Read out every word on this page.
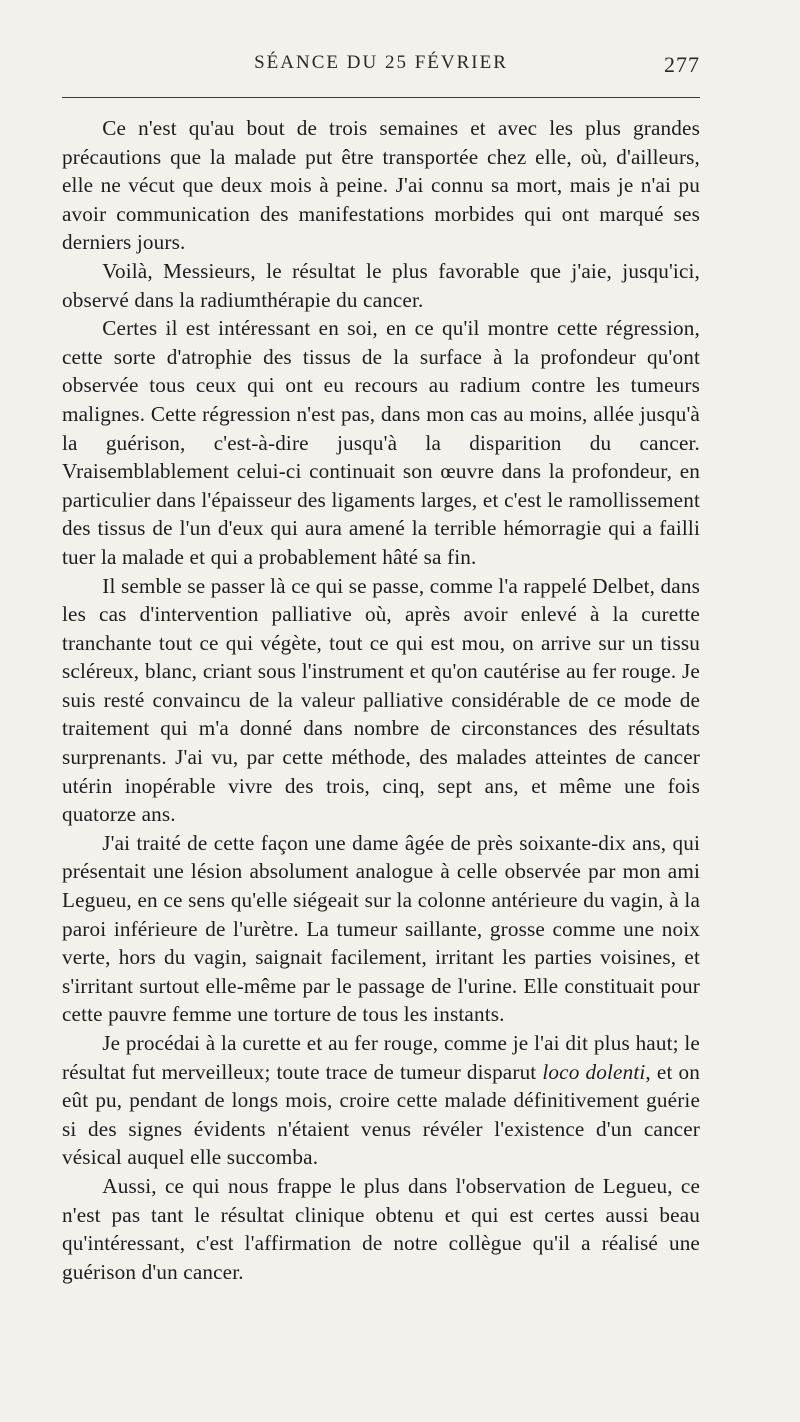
SÉANCE DU 25 FÉVRIER	277

Ce n'est qu'au bout de trois semaines et avec les plus grandes précautions que la malade put être transportée chez elle, où, d'ailleurs, elle ne vécut que deux mois à peine. J'ai connu sa mort, mais je n'ai pu avoir communication des manifestations morbides qui ont marqué ses derniers jours.

Voilà, Messieurs, le résultat le plus favorable que j'aie, jusqu'ici, observé dans la radiumthérapie du cancer.

Certes il est intéressant en soi, en ce qu'il montre cette régression, cette sorte d'atrophie des tissus de la surface à la profondeur qu'ont observée tous ceux qui ont eu recours au radium contre les tumeurs malignes. Cette régression n'est pas, dans mon cas au moins, allée jusqu'à la guérison, c'est-à-dire jusqu'à la disparition du cancer. Vraisemblablement celui-ci continuait son œuvre dans la profondeur, en particulier dans l'épaisseur des ligaments larges, et c'est le ramollissement des tissus de l'un d'eux qui aura amené la terrible hémorragie qui a failli tuer la malade et qui a probablement hâté sa fin.

Il semble se passer là ce qui se passe, comme l'a rappelé Delbet, dans les cas d'intervention palliative où, après avoir enlevé à la curette tranchante tout ce qui végète, tout ce qui est mou, on arrive sur un tissu scléreux, blanc, criant sous l'instrument et qu'on cautérise au fer rouge. Je suis resté convaincu de la valeur palliative considérable de ce mode de traitement qui m'a donné dans nombre de circonstances des résultats surprenants. J'ai vu, par cette méthode, des malades atteintes de cancer utérin inopérable vivre des trois, cinq, sept ans, et même une fois quatorze ans.

J'ai traité de cette façon une dame âgée de près soixante-dix ans, qui présentait une lésion absolument analogue à celle observée par mon ami Legueu, en ce sens qu'elle siégeait sur la colonne antérieure du vagin, à la paroi inférieure de l'urètre. La tumeur saillante, grosse comme une noix verte, hors du vagin, saignait facilement, irritant les parties voisines, et s'irritant surtout elle-même par le passage de l'urine. Elle constituait pour cette pauvre femme une torture de tous les instants.

Je procédai à la curette et au fer rouge, comme je l'ai dit plus haut; le résultat fut merveilleux; toute trace de tumeur disparut loco dolenti, et on eût pu, pendant de longs mois, croire cette malade définitivement guérie si des signes évidents n'étaient venus révéler l'existence d'un cancer vésical auquel elle succomba.

Aussi, ce qui nous frappe le plus dans l'observation de Legueu, ce n'est pas tant le résultat clinique obtenu et qui est certes aussi beau qu'intéressant, c'est l'affirmation de notre collègue qu'il a réalisé une guérison d'un cancer.
